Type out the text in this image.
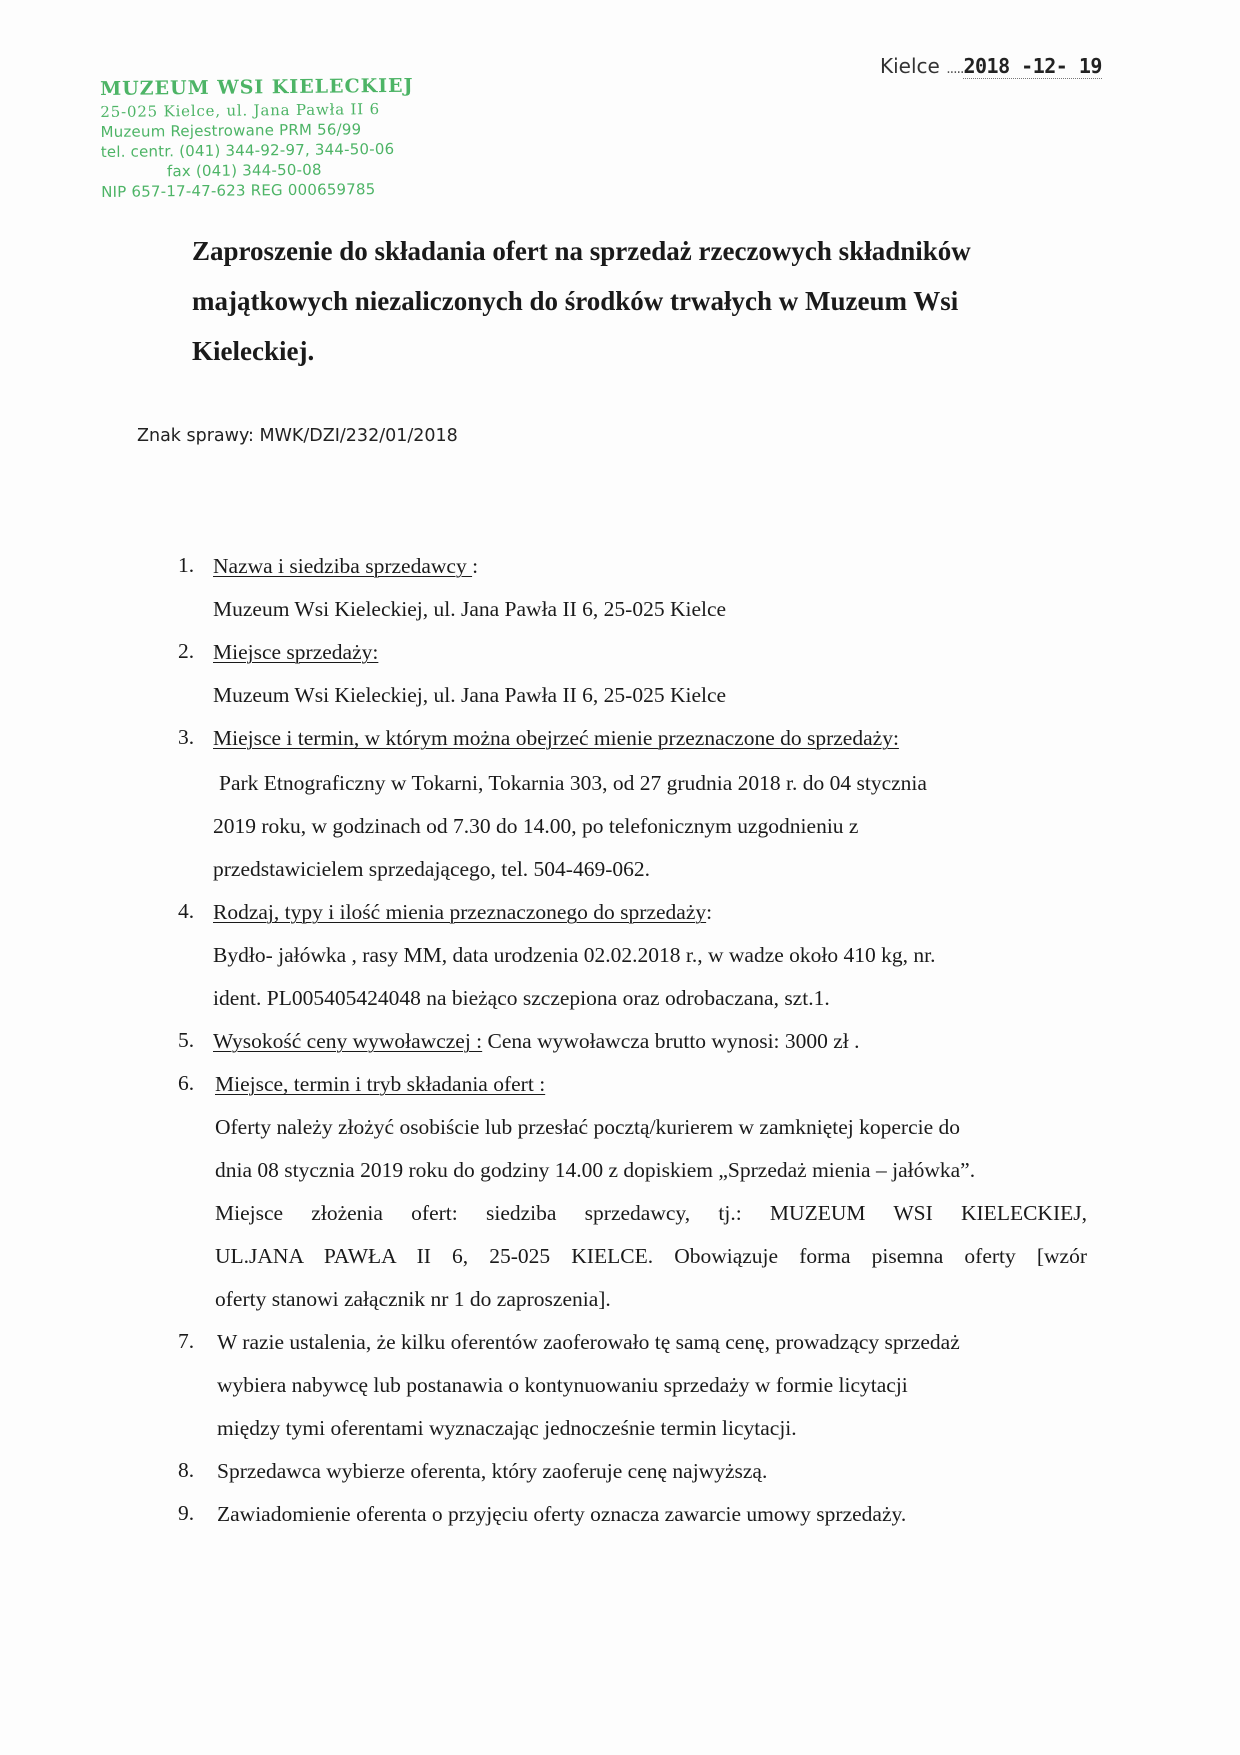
MUZEUM WSI KIELECKIEJ
25-025 Kielce, ul. Jana Pawła II 6
Muzeum Rejestrowane PRM 56/99
tel. centr. (041) 344-92-97, 344-50-06
fax (041) 344-50-08
NIP 657-17-47-623 REG 000659785
Kielce .....2018 -12- 19
Zaproszenie do składania ofert na sprzedaż rzeczowych składników majątkowych niezaliczonych do środków trwałych w Muzeum Wsi Kieleckiej.
Znak sprawy: MWK/DZI/232/01/2018
1. Nazwa i siedziba sprzedawcy :
Muzeum Wsi Kieleckiej, ul. Jana Pawła II 6, 25-025 Kielce
2. Miejsce sprzedaży:
Muzeum Wsi Kieleckiej, ul. Jana Pawła II 6, 25-025 Kielce
3. Miejsce i termin, w którym można obejrzeć mienie przeznaczone do sprzedaży:
Park Etnograficzny w Tokarni, Tokarnia 303, od 27 grudnia 2018 r. do 04 stycznia
2019 roku, w godzinach od 7.30 do 14.00, po telefonicznym uzgodnieniu z
przedstawicielem sprzedającego, tel. 504-469-062.
4. Rodzaj, typy i ilość mienia przeznaczonego do sprzedaży:
Bydło- jałówka , rasy MM, data urodzenia 02.02.2018 r., w wadze około 410 kg, nr.
ident. PL005405424048 na bieżąco szczepiona oraz odrobaczana, szt.1.
5. Wysokość ceny wywoławczej : Cena wywoławcza brutto wynosi: 3000 zł .
6. Miejsce, termin i tryb składania ofert :
Oferty należy złożyć osobiście lub przesłać pocztą/kurierem w zamkniętej kopercie do
dnia 08 stycznia 2019 roku do godziny 14.00 z dopiskiem „Sprzedaż mienia – jałówka”.
Miejsce złożenia ofert: siedziba sprzedawcy, tj.: MUZEUM WSI KIELECKIEJ,
UL.JANA PAWŁA II 6, 25-025 KIELCE. Obowiązuje forma pisemna oferty [wzór
oferty stanowi załącznik nr 1 do zaproszenia].
7.	W razie ustalenia, że kilku oferentów zaoferowało tę samą cenę, prowadzący sprzedaż
wybiera nabywcę lub postanawia o kontynuowaniu sprzedaży w formie licytacji
między tymi oferentami wyznaczając jednocześnie termin licytacji.
8.	Sprzedawca wybierze oferenta, który zaoferuje cenę najwyższą.
9.	Zawiadomienie oferenta o przyjęciu oferty oznacza zawarcie umowy sprzedaży.
